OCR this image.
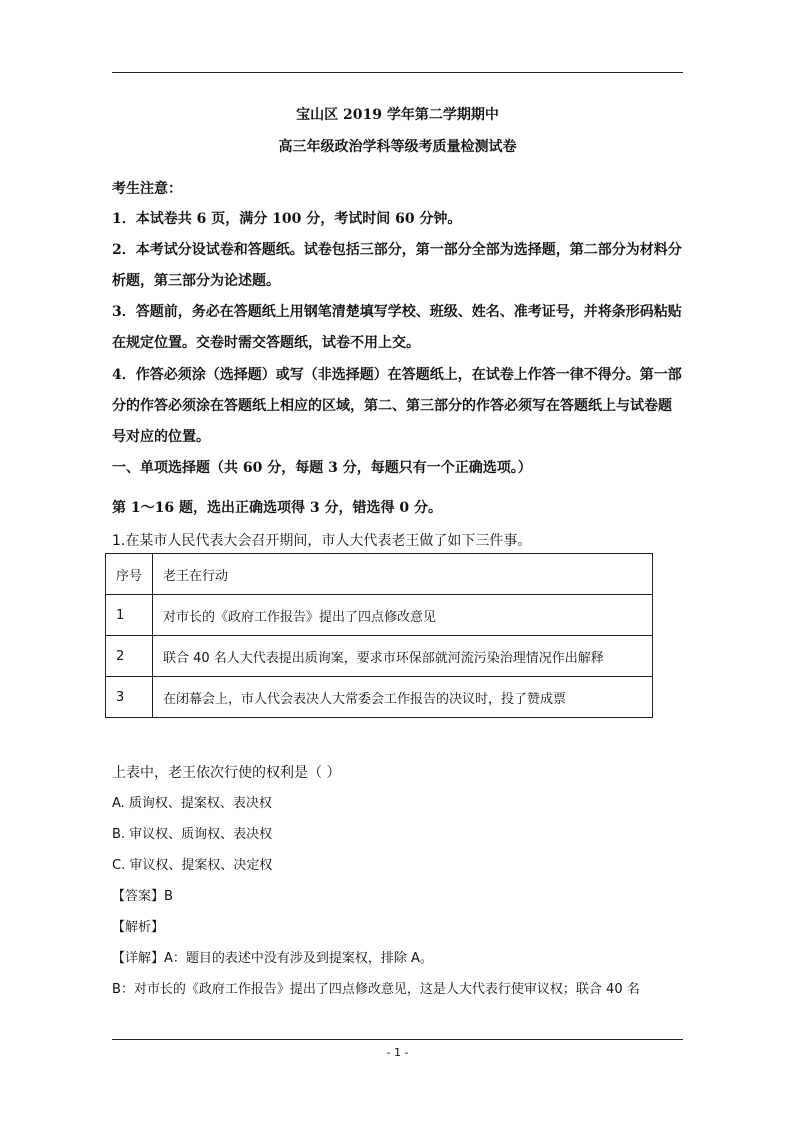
宝山区 2019 学年第二学期期中
高三年级政治学科等级考质量检测试卷
考生注意：
1．本试卷共 6 页，满分 100 分，考试时间 60 分钟。
2．本考试分设试卷和答题纸。试卷包括三部分，第一部分全部为选择题，第二部分为材料分
析题，第三部分为论述题。
3．答题前，务必在答题纸上用钢笔清楚填写学校、班级、姓名、准考证号，并将条形码粘贴
在规定位置。交卷时需交答题纸，试卷不用上交。
4．作答必须涂（选择题）或写（非选择题）在答题纸上，在试卷上作答一律不得分。第一部
分的作答必须涂在答题纸上相应的区域，第二、第三部分的作答必须写在答题纸上与试卷题
号对应的位置。
一、单项选择题（共 60 分，每题 3 分，每题只有一个正确选项。）
第 1～16 题，选出正确选项得 3 分，错选得 0 分。
1.在某市人民代表大会召开期间，市人大代表老王做了如下三件事。
序号	老王在行动
1	对市长的《政府工作报告》提出了四点修改意见
2	联合 40 名人大代表提出质询案，要求市环保部就河流污染治理情况作出解释
3	在闭幕会上，市人代会表决人大常委会工作报告的决议时，投了赞成票
上表中，老王依次行使的权利是（ ）
A. 质询权、提案权、表决权
B. 审议权、质询权、表决权
C. 审议权、提案权、决定权
【答案】B
【解析】
【详解】A：题目的表述中没有涉及到提案权，排除 A。
B：对市长的《政府工作报告》提出了四点修改意见，这是人大代表行使审议权；联合 40 名
- 1 -
